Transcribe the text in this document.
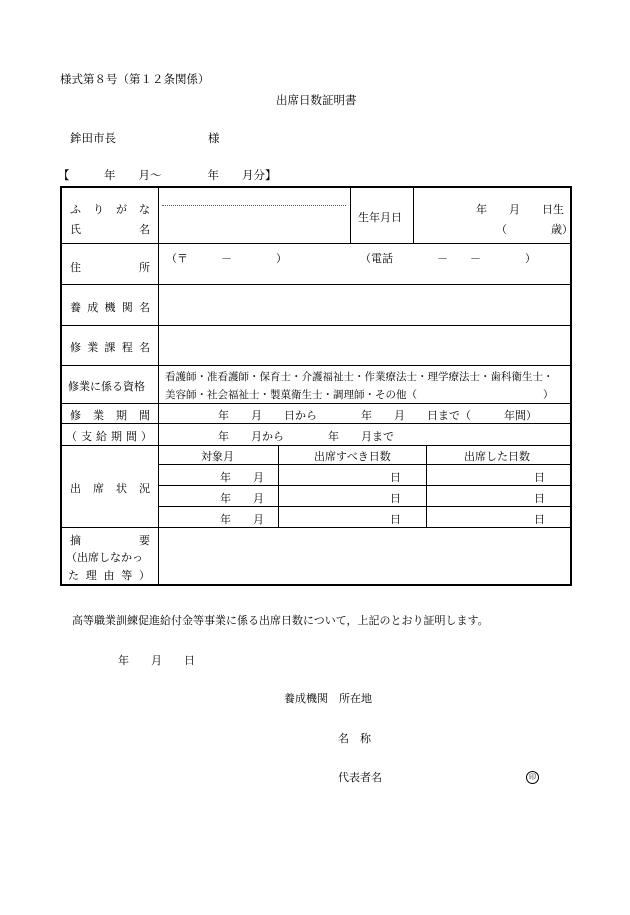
様式第８号（第１２条関係）
出席日数証明書
鉾田市長　　　　　　　　様
【　　　年　　月～　　　　年　　月分】
ふ り が な
氏	名
生年月日
年　　月　　日生
（　　　　歳）
住	所
（〒　　　－　　　　）	（電話　　　　－　　－　　　　）
養 成 機 関 名
修 業 課 程 名
修業に係る資格
看護師・准看護師・保育士・介護福祉士・作業療法士・理学療法士・歯科衛生士・
美容師・社会福祉士・製菓衛生士・調理師・その他（　　　　　　　　　　　　）
修 業 期 間	年　　月　　日から　　　　年　　月　　日まで（　　　年間）
（ 支 給 期 間 ）	年　　月から　　　　年　　月まで
出 席 状 況
対象月	出席すべき日数	出席した日数
年　　月	日	日
年　　月	日	日
年　　月	日	日
摘	要
（出席しなかっ
た 理 由 等 ）
高等職業訓練促進給付金等事業に係る出席日数について，上記のとおり証明します。
年　　月　　日
養成機関　所在地
名　称
代表者名	印
